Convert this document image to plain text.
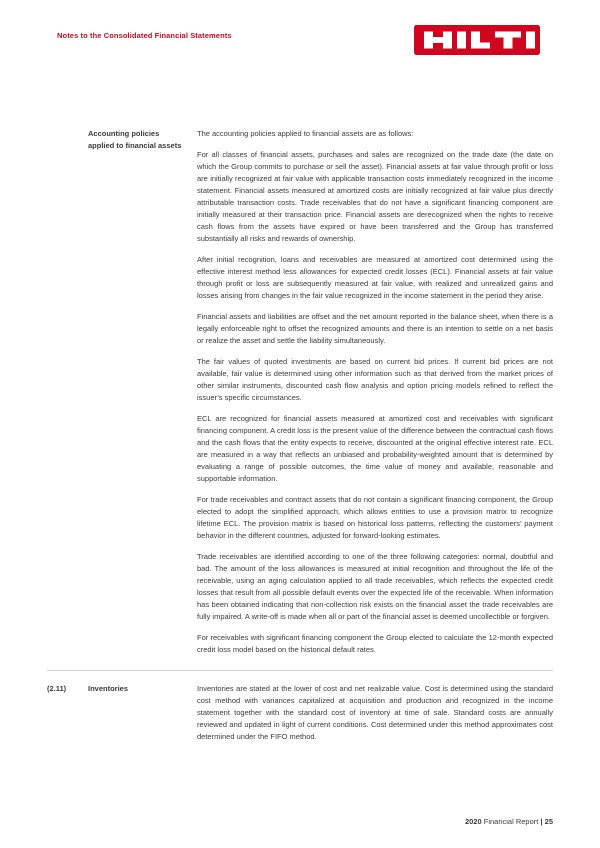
Notes to the Consolidated Financial Statements
Accounting policies applied to financial assets

The accounting policies applied to financial assets are as follows:

For all classes of financial assets, purchases and sales are recognized on the trade date (the date on which the Group commits to purchase or sell the asset). Financial assets at fair value through profit or loss are initially recognized at fair value with applicable transaction costs immediately recognized in the income statement. Financial assets measured at amortized costs are initially recognized at fair value plus directly attributable transaction costs. Trade receivables that do not have a significant financing component are initially measured at their transaction price. Financial assets are derecognized when the rights to receive cash flows from the assets have expired or have been transferred and the Group has transferred substantially all risks and rewards of ownership.

After initial recognition, loans and receivables are measured at amortized cost determined using the effective interest method less allowances for expected credit losses (ECL). Financial assets at fair value through profit or loss are subsequently measured at fair value, with realized and unrealized gains and losses arising from changes in the fair value recognized in the income statement in the period they arise.

Financial assets and liabilities are offset and the net amount reported in the balance sheet, when there is a legally enforceable right to offset the recognized amounts and there is an intention to settle on a net basis or realize the asset and settle the liability simultaneously.

The fair values of quoted investments are based on current bid prices. If current bid prices are not available, fair value is determined using other information such as that derived from the market prices of other similar instruments, discounted cash flow analysis and option pricing models refined to reflect the issuer’s specific circumstances.

ECL are recognized for financial assets measured at amortized cost and receivables with significant financing component. A credit loss is the present value of the difference between the contractual cash flows and the cash flows that the entity expects to receive, discounted at the original effective interest rate. ECL are measured in a way that reflects an unbiased and probability-weighted amount that is determined by evaluating a range of possible outcomes, the time value of money and available, reasonable and supportable information.

For trade receivables and contract assets that do not contain a significant financing component, the Group elected to adopt the simplified approach, which allows entities to use a provision matrix to recognize lifetime ECL. The provision matrix is based on historical loss patterns, reflecting the customers’ payment behavior in the different countries, adjusted for forward-looking estimates.

Trade receivables are identified according to one of the three following categories: normal, doubtful and bad. The amount of the loss allowances is measured at initial recognition and throughout the life of the receivable, using an aging calculation applied to all trade receivables, which reflects the expected credit losses that result from all possible default events over the expected life of the receivable. When information has been obtained indicating that non-collection risk exists on the financial asset the trade receivables are fully impaired. A write-off is made when all or part of the financial asset is deemed uncollectible or forgiven.

For receivables with significant financing component the Group elected to calculate the 12-month expected credit loss model based on the historical default rates.

(2.11)	Inventories	Inventories are stated at the lower of cost and net realizable value. Cost is determined using the standard cost method with variances capitalized at acquisition and production and recognized in the income statement together with the standard cost of inventory at time of sale. Standard costs are annually reviewed and updated in light of current conditions. Cost determined under this method approximates cost determined under the FIFO method.

2020 Financial Report | 25
